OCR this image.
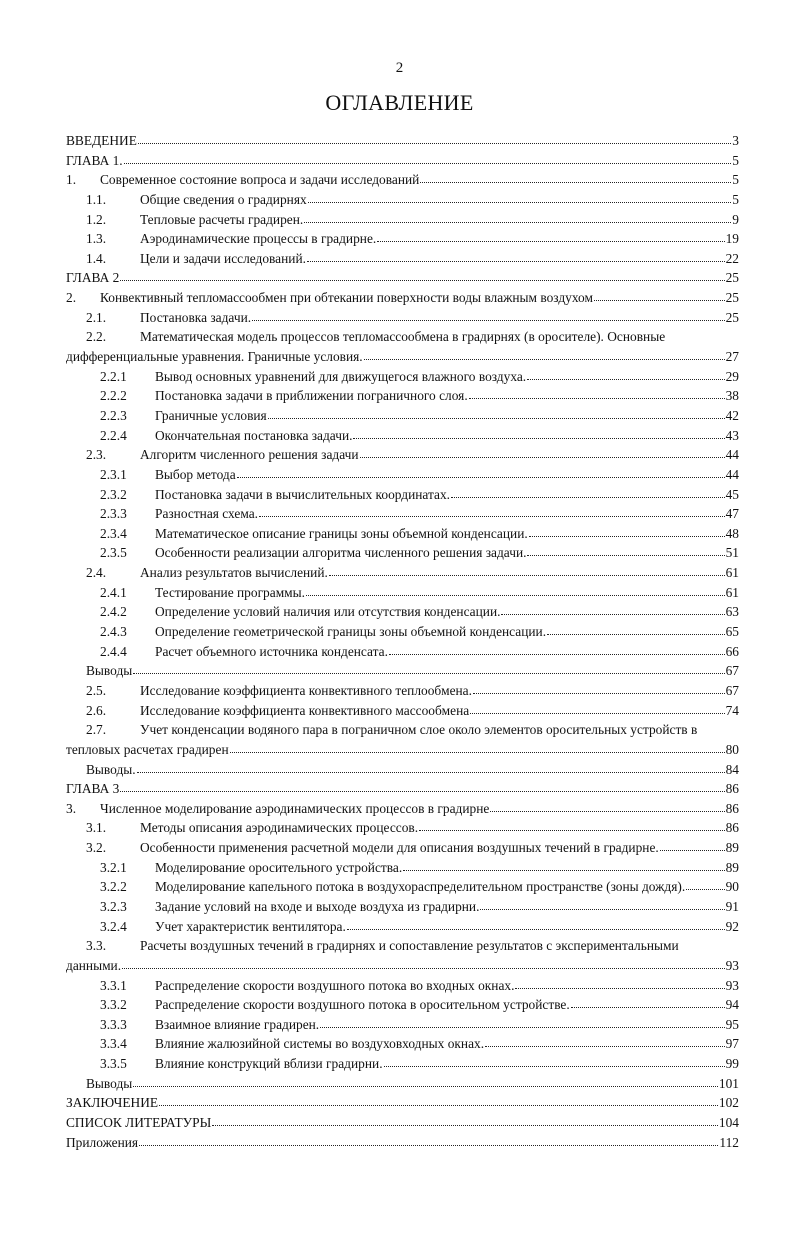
2
ОГЛАВЛЕНИЕ
ВВЕДЕНИЕ	3
ГЛАВА 1.	5
1.	Современное состояние вопроса и задачи исследований	5
1.1.	Общие сведения о градирнях	5
1.2.	Тепловые расчеты градирен.	9
1.3.	Аэродинамические процессы в градирне.	19
1.4.	Цели и задачи исследований.	22
ГЛАВА 2	25
2.	Конвективный тепломассообмен при обтекании поверхности воды влажным воздухом	25
2.1.	Постановка задачи.	25
2.2.	Математическая модель процессов тепломассообмена в градирнях (в оросителе). Основные
дифференциальные уравнения. Граничные условия.	27
2.2.1	Вывод основных уравнений для движущегося влажного воздуха.	29
2.2.2	Постановка задачи в приближении пограничного слоя.	38
2.2.3	Граничные условия	42
2.2.4	Окончательная постановка задачи.	43
2.3.	Алгоритм численного решения задачи	44
2.3.1	Выбор метода	44
2.3.2	Постановка задачи в вычислительных координатах.	45
2.3.3	Разностная схема.	47
2.3.4	Математическое описание границы зоны объемной конденсации.	48
2.3.5	Особенности реализации алгоритма численного решения задачи.	51
2.4.	Анализ результатов вычислений.	61
2.4.1	Тестирование программы.	61
2.4.2	Определение условий наличия или отсутствия конденсации.	63
2.4.3	Определение геометрической границы зоны объемной конденсации.	65
2.4.4	Расчет объемного источника конденсата.	66
Выводы	67
2.5.	Исследование коэффициента конвективного теплообмена.	67
2.6.	Исследование коэффициента конвективного массообмена	74
2.7.	Учет конденсации водяного пара в пограничном слое около элементов оросительных устройств в
тепловых расчетах градирен	80
Выводы.	84
ГЛАВА 3	86
3.	Численное моделирование аэродинамических процессов в градирне	86
3.1.	Методы описания аэродинамических процессов.	86
3.2.	Особенности применения расчетной модели для описания воздушных течений в градирне.	89
3.2.1	Моделирование оросительного устройства.	89
3.2.2	Моделирование капельного потока в воздухораспределительном пространстве (зоны дождя).	90
3.2.3	Задание условий на входе и выходе воздуха из градирни.	91
3.2.4	Учет характеристик вентилятора.	92
3.3.	Расчеты воздушных течений в градирнях и сопоставление результатов с экспериментальными
данными.	93
3.3.1	Распределение скорости воздушного потока во входных окнах.	93
3.3.2	Распределение скорости воздушного потока в оросительном устройстве.	94
3.3.3	Взаимное влияние градирен.	95
3.3.4	Влияние жалюзийной системы во воздуховходных окнах.	97
3.3.5	Влияние конструкций вблизи градирни.	99
Выводы	101
ЗАКЛЮЧЕНИЕ	102
СПИСОК ЛИТЕРАТУРЫ	104
Приложения	112
